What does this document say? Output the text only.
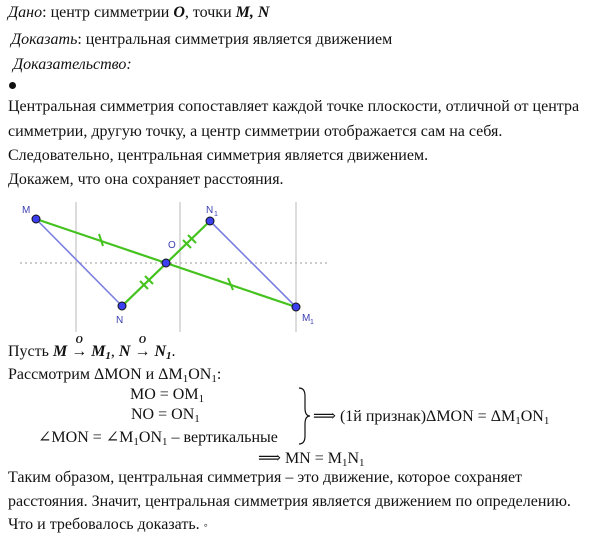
Дано: центр симметрии O, точки M, N
Доказать: центральная симметрия является движением
Доказательство:
Центральная симметрия сопоставляет каждой точке плоскости, отличной от центра
симметрии, другую точку, а центр симметрии отображается сам на себя.
Следовательно, центральная симметрия является движением.
Докажем, что она сохраняет расстояния.
M
N
O
N 1
M 1
Пусть M
O
→ $M_1$, N
O
→ $N_1$.
Рассмотрим ΔMON и $\Delta M_1ON_1$:
MO = $OM_1$
NO = $ON_1$
∠MON = $\angle M_1ON_1$ – вертикальные
⟹ (1й признак)ΔMON = $\Delta M_1ON_1$
⟹ MN = $M_1N_1$
Таким образом, центральная симметрия – это движение, которое сохраняет
расстояния. Значит, центральная симметрия является движением по определению.
Что и требовалось доказать. ◦
